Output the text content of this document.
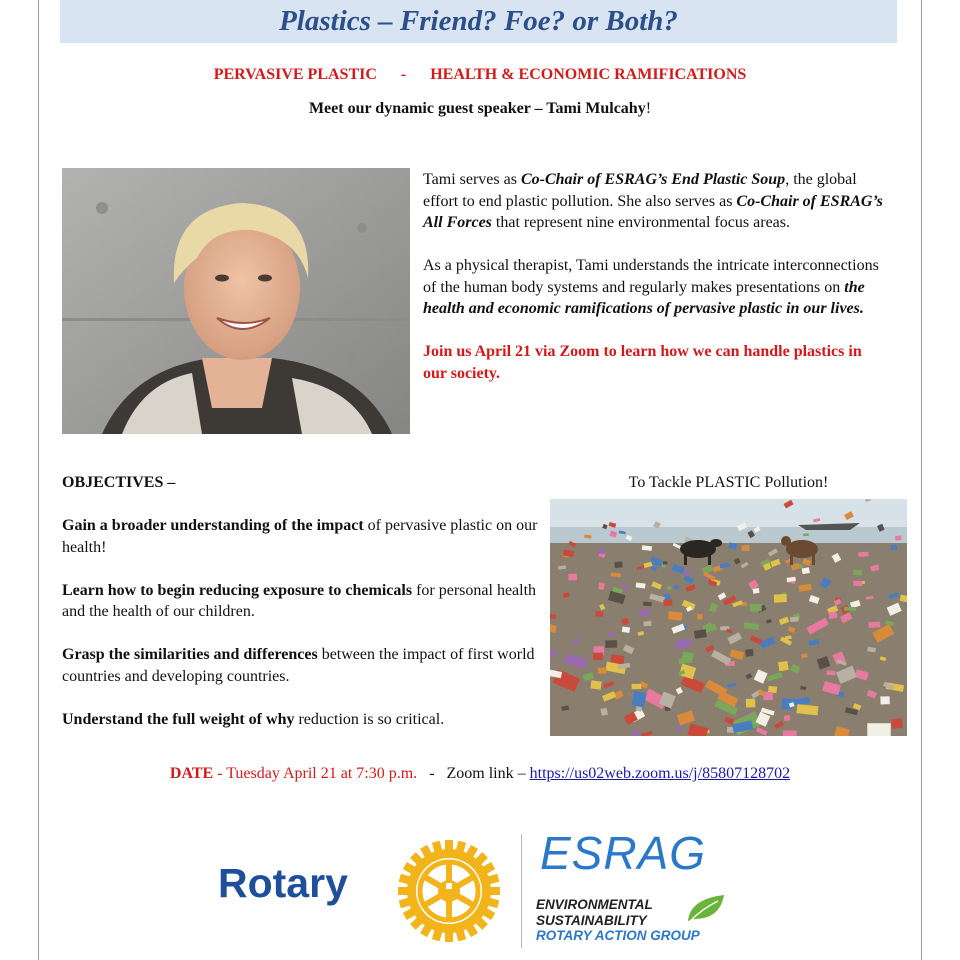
Plastics – Friend? Foe? or Both?
PERVASIVE PLASTIC      -      HEALTH & ECONOMIC RAMIFICATIONS
Meet our dynamic guest speaker – Tami Mulcahy!

Tami serves as Co-Chair of ESRAG’s End Plastic Soup, the global effort to end plastic pollution. She also serves as Co-Chair of ESRAG’s All Forces that represent nine environmental focus areas.

As a physical therapist, Tami understands the intricate interconnections of the human body systems and regularly makes presentations on the health and economic ramifications of pervasive plastic in our lives.

Join us April 21 via Zoom to learn how we can handle plastics in our society.

OBJECTIVES –

Gain a broader understanding of the impact of pervasive plastic on our health!

Learn how to begin reducing exposure to chemicals for personal health and the health of our children.

Grasp the similarities and differences between the impact of first world countries and developing countries.

Understand the full weight of why reduction is so critical.

To Tackle PLASTIC Pollution!
DATE - Tuesday April 21 at 7:30 p.m.   -   Zoom link – https://us02web.zoom.us/j/85807128702
Rotary
ESRAG
ENVIRONMENTAL
SUSTAINABILITY
ROTARY ACTION GROUP
